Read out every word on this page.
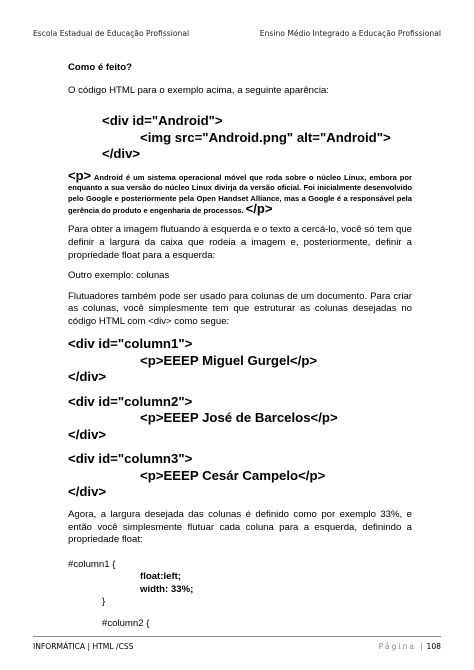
Escola Estadual de Educação Profissional	Ensino Médio Integrado a Educação Profissional

Como é feito?

O código HTML para o exemplo acima, a seguinte aparência:

<div id="Android">

<img src="Android.png" alt="Android">

</div>

<p> Android é um sistema operacional móvel que roda sobre o núcleo Linux, embora por enquanto a sua versão do núcleo Linux divirja da versão oficial. Foi inicialmente desenvolvido pelo Google e posteriormente pela Open Handset Alliance, mas a Google é a responsável pela gerência do produto e engenharia de processos. </p>

Para obter a imagem flutuando à esquerda e o texto a cercá-lo, você só tem que definir a largura da caixa que rodeia a imagem e, posteriormente, definir a propriedade float para a esquerda:

Outro exemplo: colunas

Flutuadores também pode ser usado para colunas de um documento. Para criar as colunas, você simplesmente tem que estruturar as colunas desejadas no código HTML com <div> como segue:

<div id="column1">

<p>EEEP Miguel Gurgel</p>

</div>

<div id="column2">

<p>EEEP José de Barcelos</p>

</div>

<div id="column3">

<p>EEEP Cesár Campelo</p>

</div>

Agora, a largura desejada das colunas é definido como por exemplo 33%, e então você simplesmente flutuar cada coluna para a esquerda, definindo a propriedade float:

#column1 {

float:left;

width: 33%;

}

#column2 {

INFORMÁTICA | HTML /CSS	Página | 108
